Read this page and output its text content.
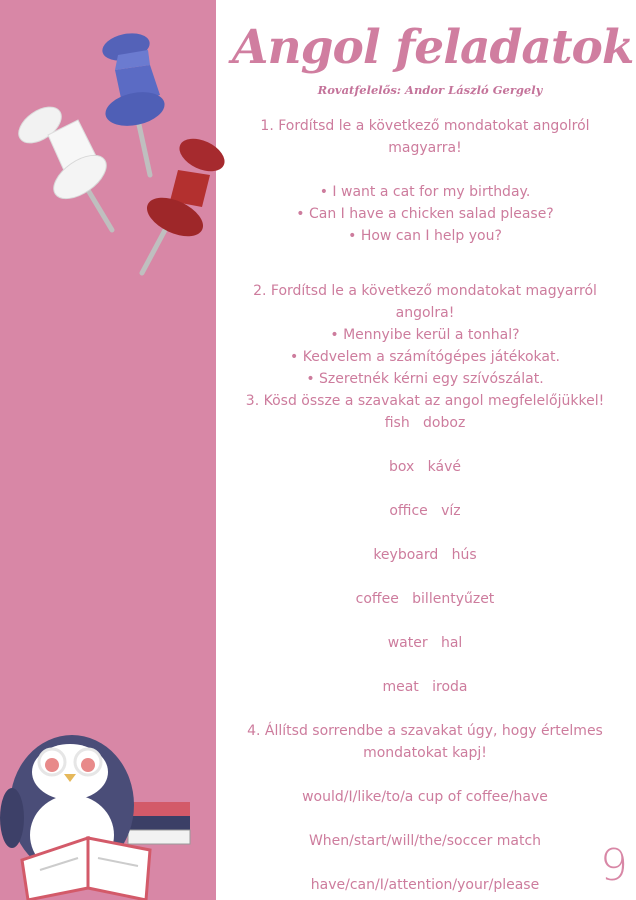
Angol feladatok
Rovatfelelős: Andor László Gergely

1. Fordítsd le a következő mondatokat angolról magyarra!

• I want a cat for my birthday.

• Can I have a chicken salad please?

• How can I help you?

2. Fordítsd le a következő mondatokat magyarról angolra!

• Mennyibe kerül a tonhal?

• Kedvelem a számítógépes játékokat.

• Szeretnék kérni egy szívószálat.

3. Kösd össze a szavakat az angol megfelelőjükkel!

fish   doboz

box   kávé

office   víz

keyboard   hús

coffee   billentyűzet

water   hal

meat   iroda

4. Állítsd sorrendbe a szavakat úgy, hogy értelmes mondatokat kapj!

would/I/like/to/a cup of coffee/have

When/start/will/the/soccer match

have/can/I/attention/your/please	9
